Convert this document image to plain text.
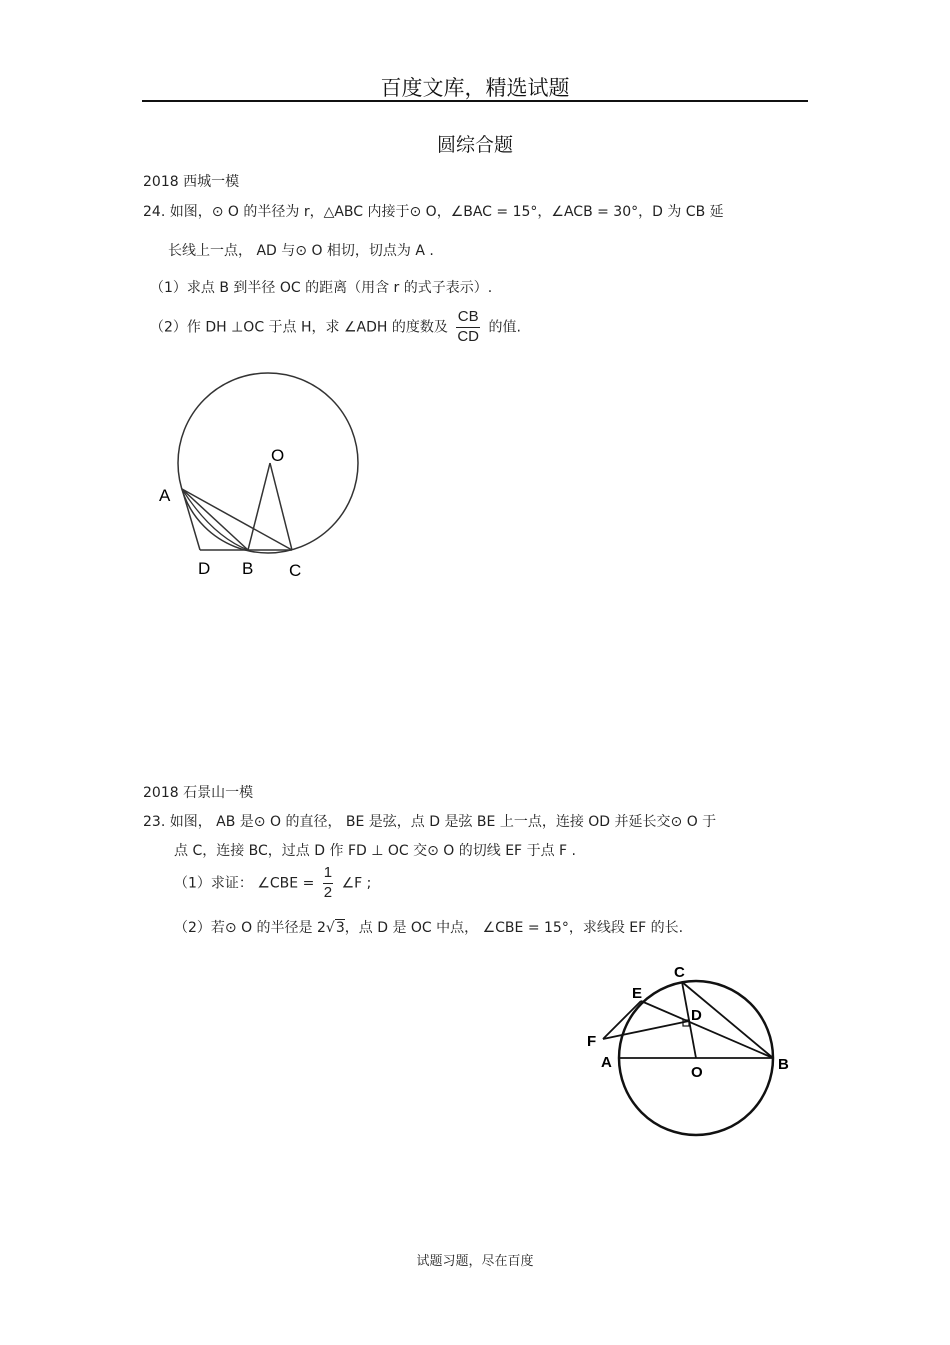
百度文库，精选试题
圆综合题
2018 西城一模
24. 如图，⊙ O 的半径为 r，△ABC 内接于⊙ O，∠BAC = 15°，∠ACB = 30°，D 为 CB 延
长线上一点， AD 与⊙ O 相切，切点为 A .
（1）求点 B 到半径 OC 的距离（用含 r 的式子表示）.
（2）作 DH ⊥OC 于点 H，求 ∠ADH 的度数及 $\frac{CB}{CD}$ 的值.
O
A
D B C
2018 石景山一模
23. 如图， AB 是⊙ O 的直径， BE 是弦，点 D 是弦 BE 上一点，连接 OD 并延长交⊙ O 于
点 C，连接 BC，过点 D 作 FD ⊥ OC 交⊙ O 的切线 EF 于点 F .
（1）求证： ∠CBE = $\frac{1}{2}$ ∠F ;
（2）若⊙ O 的半径是 2√3，点 D 是 OC 中点， ∠CBE = 15°，求线段 EF 的长.
C
E
D
F
A
O	B
试题习题，尽在百度
